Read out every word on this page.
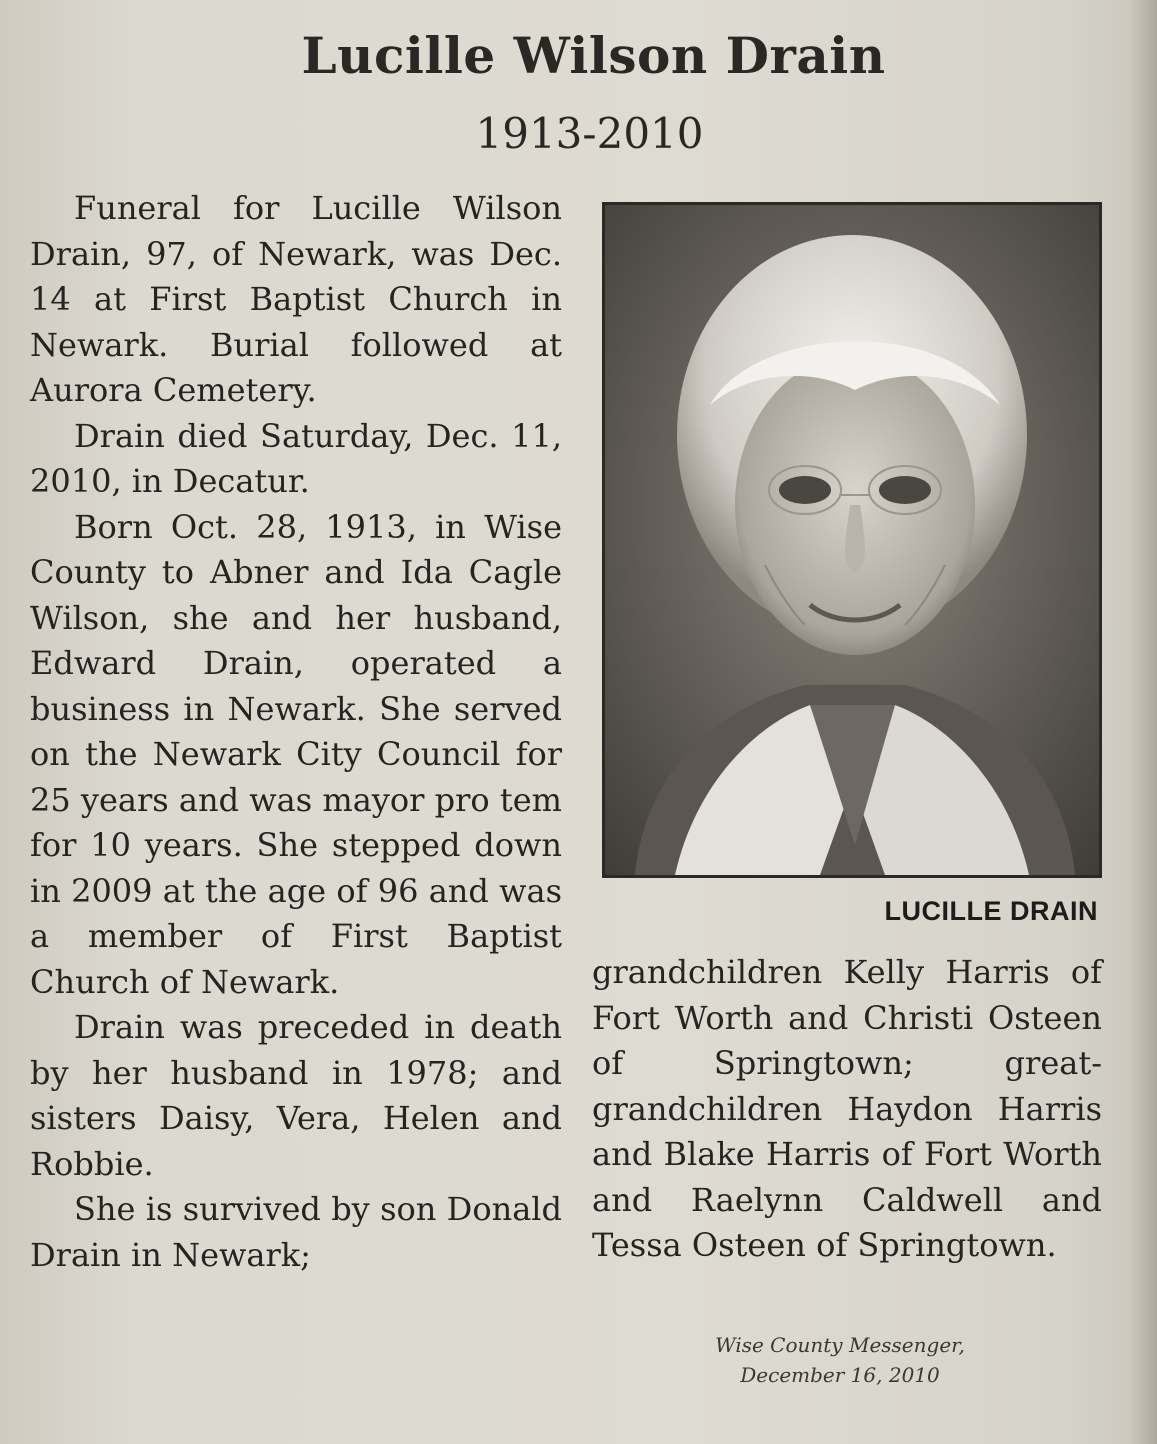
Lucille Wilson Drain
1913-2010

Funeral for Lucille Wilson Drain, 97, of Newark, was Dec. 14 at First Baptist Church in Newark. Burial followed at Aurora Cemetery.

Drain died Saturday, Dec. 11, 2010, in Decatur.

Born Oct. 28, 1913, in Wise County to Abner and Ida Cagle Wilson, she and her husband, Edward Drain, operated a business in Newark. She served on the Newark City Council for 25 years and was mayor pro tem for 10 years. She stepped down in 2009 at the age of 96 and was a member of First Baptist Church of Newark.

Drain was preceded in death by her husband in 1978; and sisters Daisy, Vera, Helen and Robbie.

She is survived by son Donald Drain in Newark;

LUCILLE DRAIN

grandchildren Kelly Harris of Fort Worth and Christi Osteen of Springtown; great-grandchildren Haydon Harris and Blake Harris of Fort Worth and Raelynn Caldwell and Tessa Osteen of Springtown.

Wise County Messenger,
December 16, 2010
